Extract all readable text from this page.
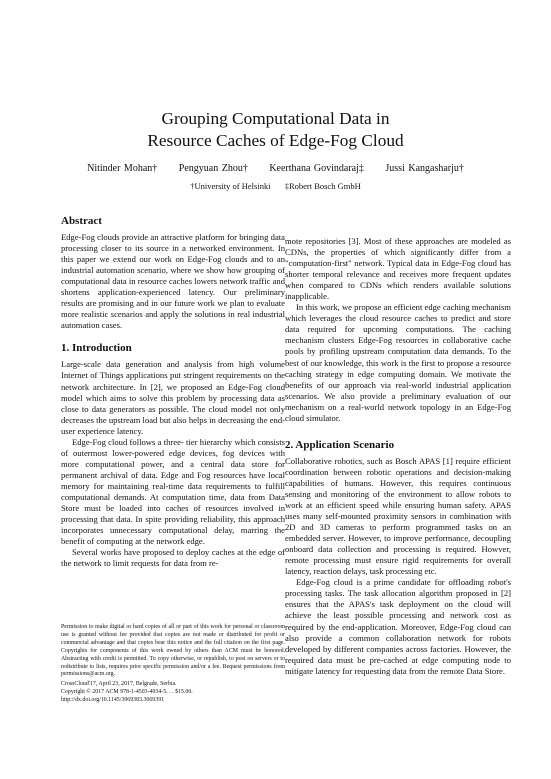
Grouping Computational Data in
Resource Caches of Edge-Fog Cloud
Nitinder Mohan† Pengyuan Zhou† Keerthana Govindaraj‡ Jussi Kangasharju†
†University of Helsinki ‡Robert Bosch GmbH
Abstract

Edge-Fog clouds provide an attractive platform for bringing data processing closer to its source in a networked environment. In this paper we extend our work on Edge-Fog clouds and to an industrial automation scenario, where we show how grouping of computational data in resource caches lowers network traffic and shortens application-experienced latency. Our preliminary results are promising and in our future work we plan to evaluate more realistic scenarios and apply the solutions in real industrial automation cases.

1. Introduction

Large-scale data generation and analysis from high volume Internet of Things applications put stringent requirements on the network architecture. In [2], we proposed an Edge-Fog cloud model which aims to solve this problem by processing data as close to data generators as possible. The cloud model not only decreases the upstream load but also helps in decreasing the end-user experience latency.

Edge-Fog cloud follows a three- tier hierarchy which consists of outermost lower-powered edge devices, fog devices with more computational power, and a central data store for permanent archival of data. Edge and Fog resources have local memory for maintaining real-time data requirements to fulfill computational demands. At computation time, data from Data Store must be loaded into caches of resources involved in processing that data. In spite providing reliability, this approach incorporates unnecessary computational delay, marring the benefit of computing at the network edge.

Several works have proposed to deploy caches at the edge of the network to limit requests for data from re-

Permission to make digital or hard copies of all or part of this work for personal or classroom use is granted without fee provided that copies are not made or distributed for profit or commercial advantage and that copies bear this notice and the full citation on the first page. Copyrights for components of this work owned by others than ACM must be honored. Abstracting with credit is permitted. To copy otherwise, or republish, to post on servers or to redistribute to lists, requires prior specific permission and/or a fee. Request permissions from permissions@acm.org.

CrossCloud'17, April 23, 2017, Belgrade, Serbia.

Copyright © 2017 ACM 978-1-4503-4934-5. . . $15.00.

http://dx.doi.org/10.1145/3069383.3069391

mote repositories [3]. Most of these approaches are modeled as CDNs, the properties of which significantly differ from a "computation-first" network. Typical data in Edge-Fog cloud has shorter temporal relevance and receives more frequent updates when compared to CDNs which renders available solutions inapplicable.

In this work, we propose an efficient edge caching mechanism which leverages the cloud resource caches to predict and store data required for upcoming computations. The caching mechanism clusters Edge-Fog resources in collaborative cache pools by profiling upstream computation data demands. To the best of our knowledge, this work is the first to propose a resource caching strategy in edge computing domain. We motivate the benefits of our approach via real-world industrial application scenarios. We also provide a preliminary evaluation of our mechanism on a real-world network topology in an Edge-Fog cloud simulator.

2. Application Scenario

Collaborative robotics, such as Bosch APAS [1] require efficient coordination between robotic operations and decision-making capabilities of humans. However, this requires continuous sensing and monitoring of the environment to allow robots to work at an efficient speed while ensuring human safety. APAS uses many self-mounted proximity sensors in combination with 2D and 3D cameras to perform programmed tasks on an embedded server. However, to improve performance, decoupling onboard data collection and processing is required. Howver, remote processing must ensure rigid requirements for overall latency, reaction delays, task processing etc.

Edge-Fog cloud is a prime candidate for offloading robot's processing tasks. The task allocation algorithm proposed in [2] ensures that the APAS's task deployment on the cloud will achieve the least possible processing and network cost as required by the end-application. Moreover, Edge-Fog cloud can also provide a common collaboration network for robots developed by different companies across factories. However, the required data must be pre-cached at edge computing node to mitigate latency for requesting data from the remote Data Store.
